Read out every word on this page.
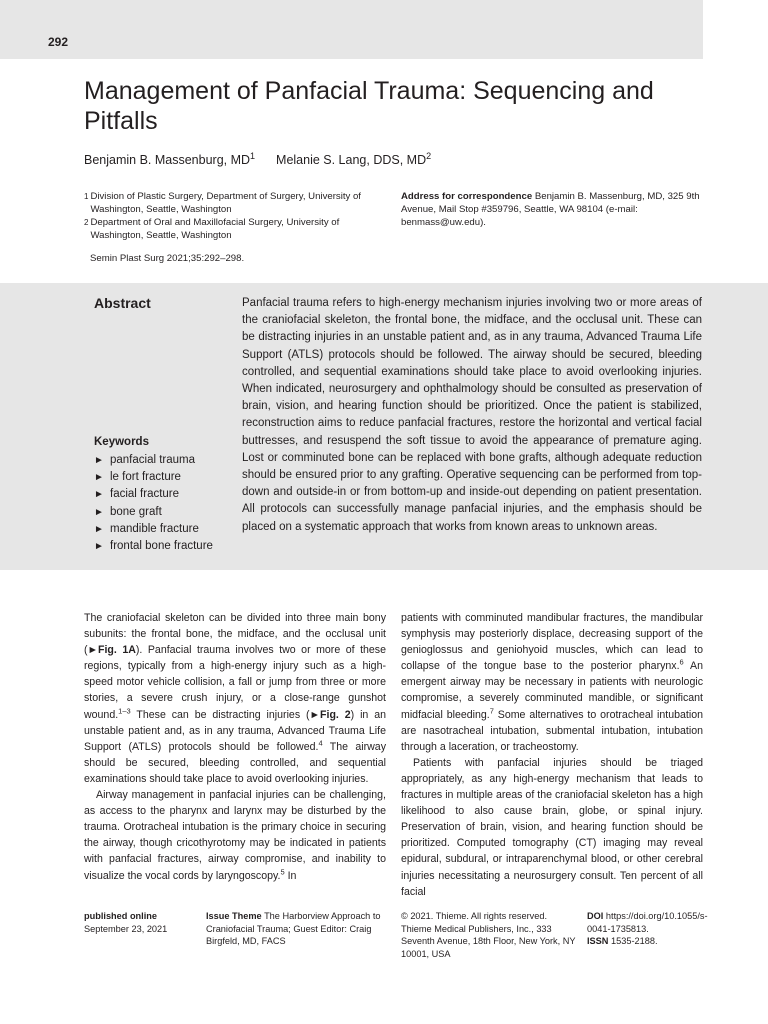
292
Management of Panfacial Trauma: Sequencing and Pitfalls
Benjamin B. Massenburg, $MD^1$ Melanie S. Lang, DDS, $MD^2$
1 Division of Plastic Surgery, Department of Surgery, University of Washington, Seattle, Washington
2 Department of Oral and Maxillofacial Surgery, University of Washington, Seattle, Washington
Address for correspondence Benjamin B. Massenburg, MD, 325 9th Avenue, Mail Stop #359796, Seattle, WA 98104 (e-mail: benmass@uw.edu).
Semin Plast Surg 2021;35:292–298.
Abstract	Panfacial trauma refers to high-energy mechanism injuries involving two or more areas of the craniofacial skeleton, the frontal bone, the midface, and the occlusal unit. These can be distracting injuries in an unstable patient and, as in any trauma, Advanced Trauma Life Support (ATLS) protocols should be followed. The airway should be secured, bleeding controlled, and sequential examinations should take place to avoid overlooking injuries. When indicated, neurosurgery and ophthalmology should be consulted as preservation of brain, vision, and hearing function should be prioritized. Once the patient is stabilized, reconstruction aims to reduce panfacial fractures, restore the horizontal and vertical facial buttresses, and resuspend the soft tissue to avoid the appearance of premature aging. Lost or comminuted bone can be replaced with bone grafts, although adequate reduction should be ensured prior to any grafting. Operative sequencing can be performed from top-down and outside-in or from bottom-up and inside-out depending on patient presentation. All protocols can successfully manage panfacial injuries, and the emphasis should be placed on a systematic approach that works from known areas to unknown areas.

Keywords
► panfacial trauma
► le fort fracture
► facial fracture
► bone graft
► mandible fracture
► frontal bone fracture

The craniofacial skeleton can be divided into three main bony subunits: the frontal bone, the midface, and the occlusal unit (►Fig. 1A). Panfacial trauma involves two or more of these regions, typically from a high-energy injury such as a high-speed motor vehicle collision, a fall or jump from three or more stories, a severe crush injury, or a close-range gunshot wound.$^{1-3}$ These can be distracting injuries (►Fig. 2) in an unstable patient and, as in any trauma, Advanced Trauma Life Support (ATLS) protocols should be followed.$^4$ The airway should be secured, bleeding controlled, and sequential examinations should take place to avoid overlooking injuries.

Airway management in panfacial injuries can be challenging, as access to the pharynx and larynx may be disturbed by the trauma. Orotracheal intubation is the primary choice in securing the airway, though cricothyrotomy may be indicated in patients with panfacial fractures, airway compromise, and inability to visualize the vocal cords by laryngoscopy.$^5$ In

patients with comminuted mandibular fractures, the mandibular symphysis may posteriorly displace, decreasing support of the genioglossus and geniohyoid muscles, which can lead to collapse of the tongue base to the posterior pharynx.$^6$ An emergent airway may be necessary in patients with neurologic compromise, a severely comminuted mandible, or significant midfacial bleeding.$^7$ Some alternatives to orotracheal intubation are nasotracheal intubation, submental intubation, intubation through a laceration, or tracheostomy.

Patients with panfacial injuries should be triaged appropriately, as any high-energy mechanism that leads to fractures in multiple areas of the craniofacial skeleton has a high likelihood to also cause brain, globe, or spinal injury. Preservation of brain, vision, and hearing function should be prioritized. Computed tomography (CT) imaging may reveal epidural, subdural, or intraparenchymal blood, or other cerebral injuries necessitating a neurosurgery consult. Ten percent of all facial

published online
September 23, 2021
Issue Theme The Harborview Approach to Craniofacial Trauma; Guest Editor: Craig Birgfeld, MD, FACS
© 2021. Thieme. All rights reserved. Thieme Medical Publishers, Inc., 333 Seventh Avenue, 18th Floor, New York, NY 10001, USA
DOI https://doi.org/10.1055/s-0041-1735813.
ISSN 1535-2188.
